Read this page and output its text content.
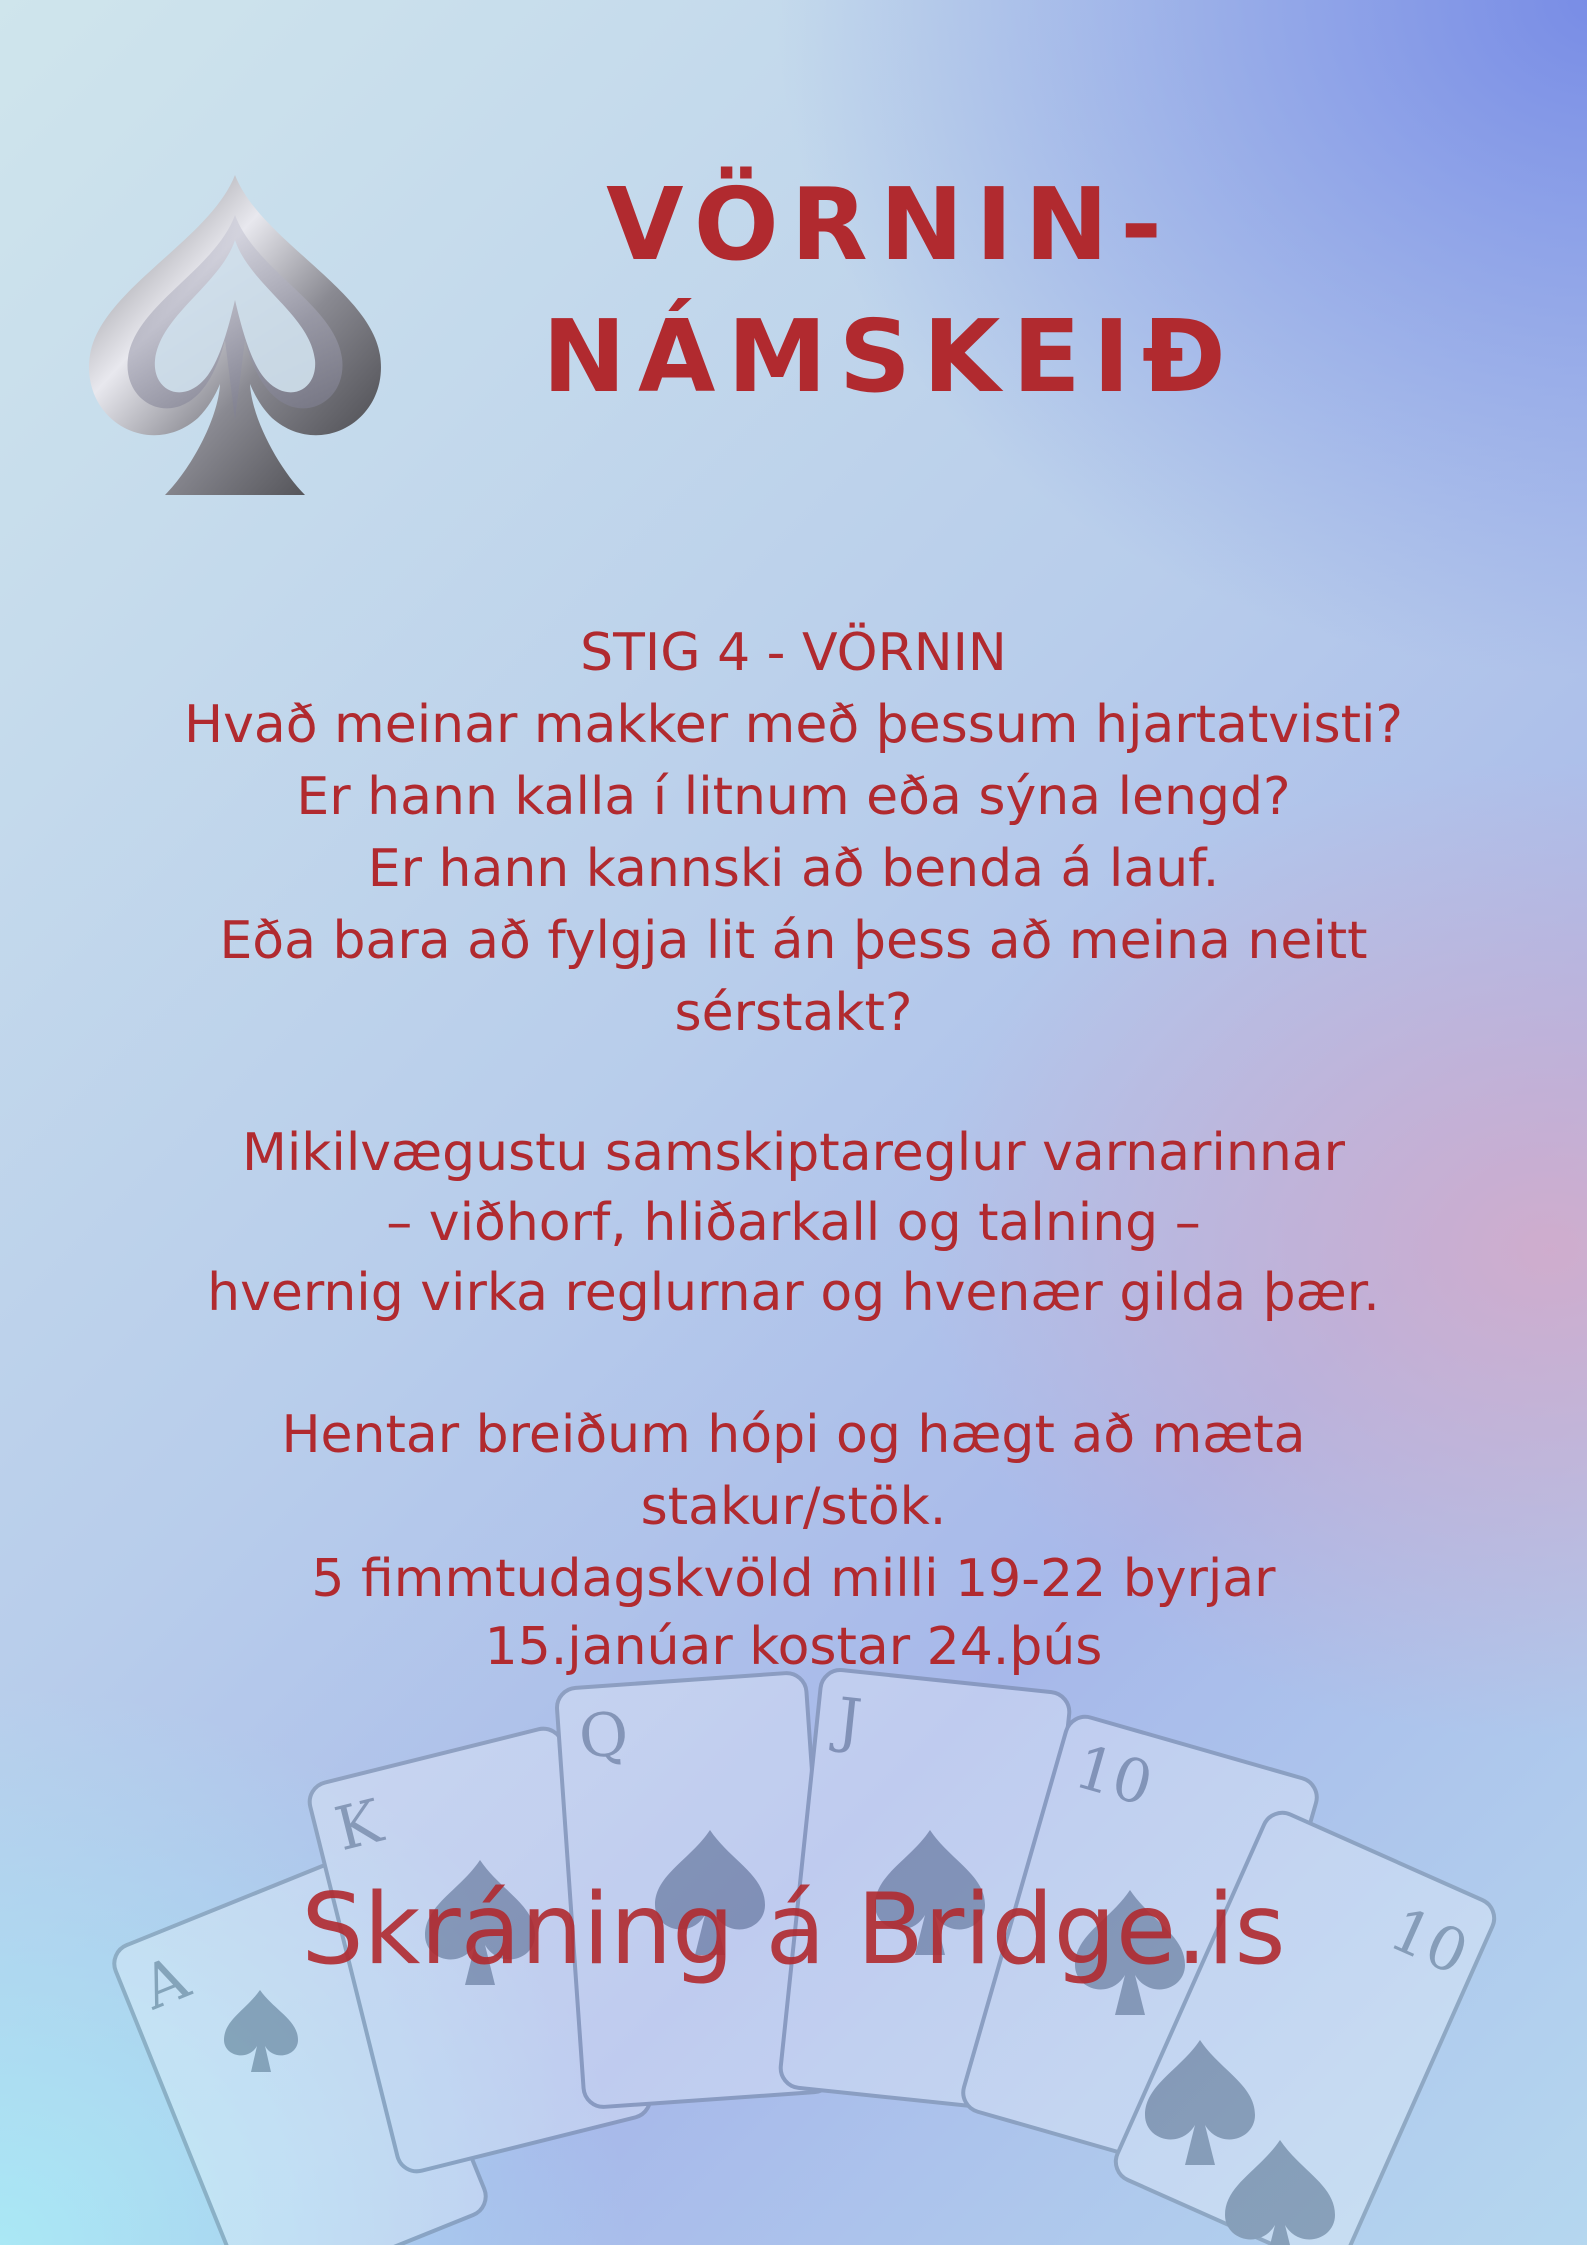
VÖRNIN-
NÁMSKEIÐ
STIG 4 - VÖRNIN
Hvað meinar makker með þessum hjartatvisti?
Er hann kalla í litnum eða sýna lengd?
Er hann kannski að benda á lauf.
Eða bara að fylgja lit án þess að meina neitt
sérstakt?
Mikilvægustu samskiptareglur varnarinnar
– viðhorf, hliðarkall og talning –
hvernig virka reglurnar og hvenær gilda þær.
Hentar breiðum hópi og hægt að mæta
stakur/stök.
5 fimmtudagskvöld milli 19-22 byrjar
15.janúar kostar 24.þús
A
K
Q	J
10
10
Skráning á Bridge.is
